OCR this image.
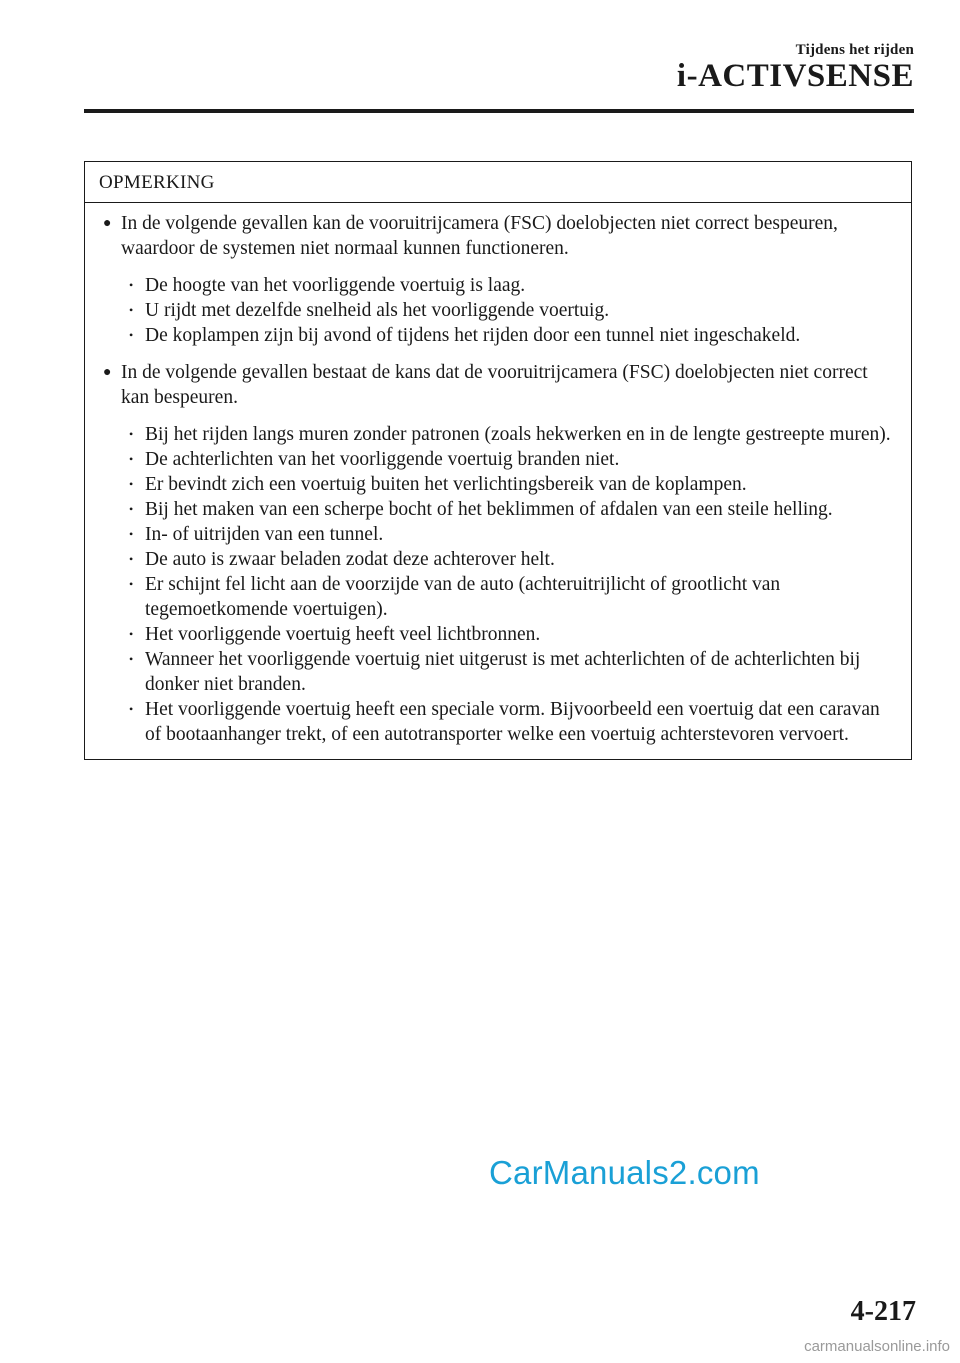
Tijdens het rijden
i-ACTIVSENSE
OPMERKING
● In de volgende gevallen kan de vooruitrijcamera (FSC) doelobjecten niet correct bespeuren, waardoor de systemen niet normaal kunnen functioneren.
• De hoogte van het voorliggende voertuig is laag.
• U rijdt met dezelfde snelheid als het voorliggende voertuig.
• De koplampen zijn bij avond of tijdens het rijden door een tunnel niet ingeschakeld.
● In de volgende gevallen bestaat de kans dat de vooruitrijcamera (FSC) doelobjecten niet correct kan bespeuren.
• Bij het rijden langs muren zonder patronen (zoals hekwerken en in de lengte gestreepte muren).
• De achterlichten van het voorliggende voertuig branden niet.
• Er bevindt zich een voertuig buiten het verlichtingsbereik van de koplampen.
• Bij het maken van een scherpe bocht of het beklimmen of afdalen van een steile helling.
• In- of uitrijden van een tunnel.
• De auto is zwaar beladen zodat deze achterover helt.
• Er schijnt fel licht aan de voorzijde van de auto (achteruitrijlicht of grootlicht van tegemoetkomende voertuigen).
• Het voorliggende voertuig heeft veel lichtbronnen.
• Wanneer het voorliggende voertuig niet uitgerust is met achterlichten of de achterlichten bij donker niet branden.
• Het voorliggende voertuig heeft een speciale vorm. Bijvoorbeeld een voertuig dat een caravan of bootaanhanger trekt, of een autotransporter welke een voertuig achterstevoren vervoert.
CarManuals2.com
4-217
carmanualsonline.info
